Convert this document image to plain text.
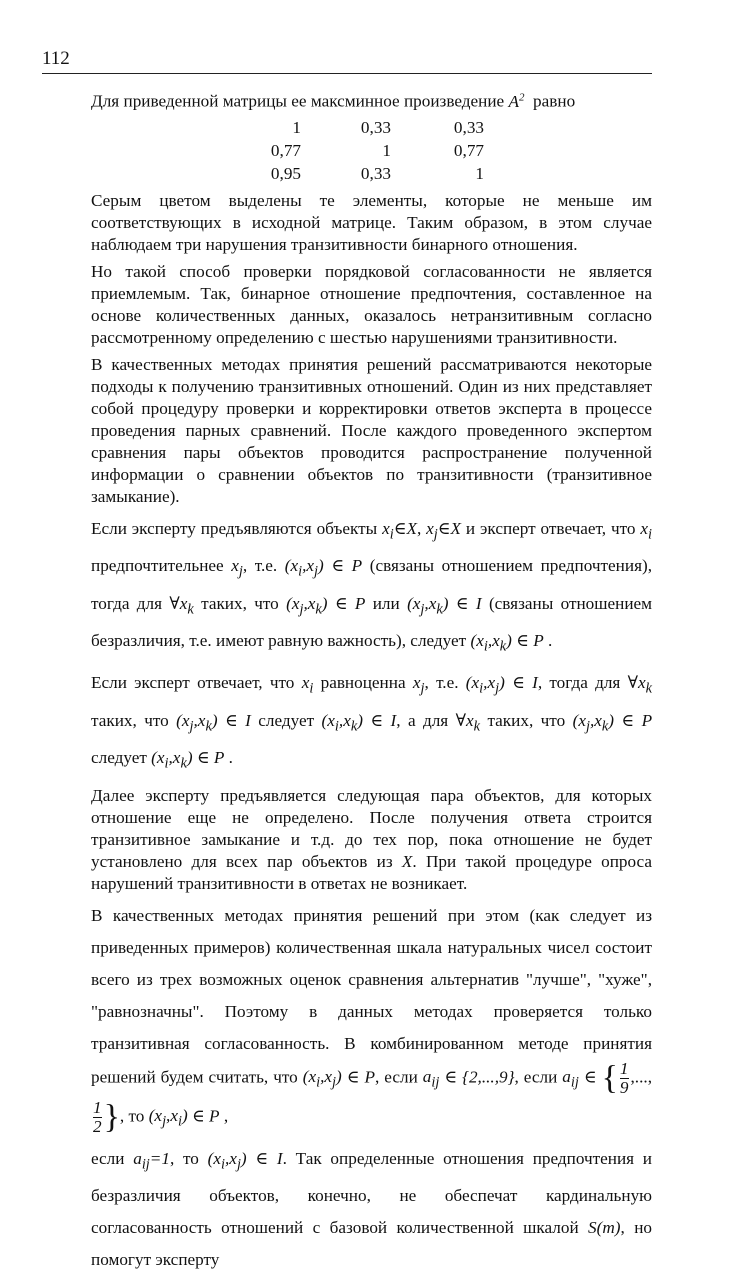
112
Для приведенной матрицы ее максминное произведение $A^2$ равно
1	0,33	0,33
0,77	1	0,77
0,95	0,33	1

Серым цветом выделены те элементы, которые не меньше им соответствующих в исходной матрице. Таким образом, в этом случае наблюдаем три нарушения транзитивности бинарного отношения.

Но такой способ проверки порядковой согласованности не является приемлемым. Так, бинарное отношение предпочтения, составленное на основе количественных данных, оказалось нетранзитивным согласно рассмотренному определению с шестью нарушениями транзитивности.

В качественных методах принятия решений рассматриваются некоторые подходы к получению транзитивных отношений. Один из них представляет собой процедуру проверки и корректировки ответов эксперта в процессе проведения парных сравнений. После каждого проведенного экспертом сравнения пары объектов проводится распространение полученной информации о сравнении объектов по транзитивности (транзитивное замыкание).

Если эксперту предъявляются объекты $x_i\in X$, $x_j\in X$ и эксперт отвечает, что $x_i$ предпочтительнее $x_j$, т.е. $(x_i,x_j)$ ∈ P (связаны отношением предпочтения), тогда для $\forall x_k$ таких, что $(x_j,x_k)$ ∈ P или $(x_j,x_k)$ ∈ I (связаны отношением безразличия, т.е. имеют равную важность), следует $(x_i,x_k)$ ∈ P .

Если эксперт отвечает, что $x_i$ равноценна $x_j$, т.е. $(x_i,x_j)$ ∈ I, тогда для $\forall x_k$ таких, что $(x_j,x_k)$ ∈ I следует $(x_i,x_k)$ ∈ I, а для $\forall x_k$ таких, что $(x_j,x_k)$ ∈ P следует $(x_i,x_k)$ ∈ P .

Далее эксперту предъявляется следующая пара объектов, для которых отношение еще не определено. После получения ответа строится транзитивное замыкание и т.д. до тех пор, пока отношение не будет установлено для всех пар объектов из X. При такой процедуре опроса нарушений транзитивности в ответах не возникает.

В качественных методах принятия решений при этом (как следует из приведенных примеров) количественная шкала натуральных чисел состоит всего из трех возможных оценок сравнения альтернатив "лучше", "хуже", "равнозначны". Поэтому в данных методах проверяется только транзитивная согласованность. В комбинированном методе принятия решений будем считать, что $(x_i,x_j)$ ∈ P, если $a_{ij}$ ∈ {2,...,9}, если $a_{ij}$ ∈ { $\frac{1}{9}$ ,...,
$\frac{1}{2}$ }, то $(x_j,x_i)$ ∈ P ,

если $a_{ij}=1$, то $(x_i,x_j)$ ∈ I. Так определенные отношения предпочтения и безразличия объектов, конечно, не обеспечат кардинальную согласованность отношений с базовой количественной шкалой S(m), но помогут эксперту
